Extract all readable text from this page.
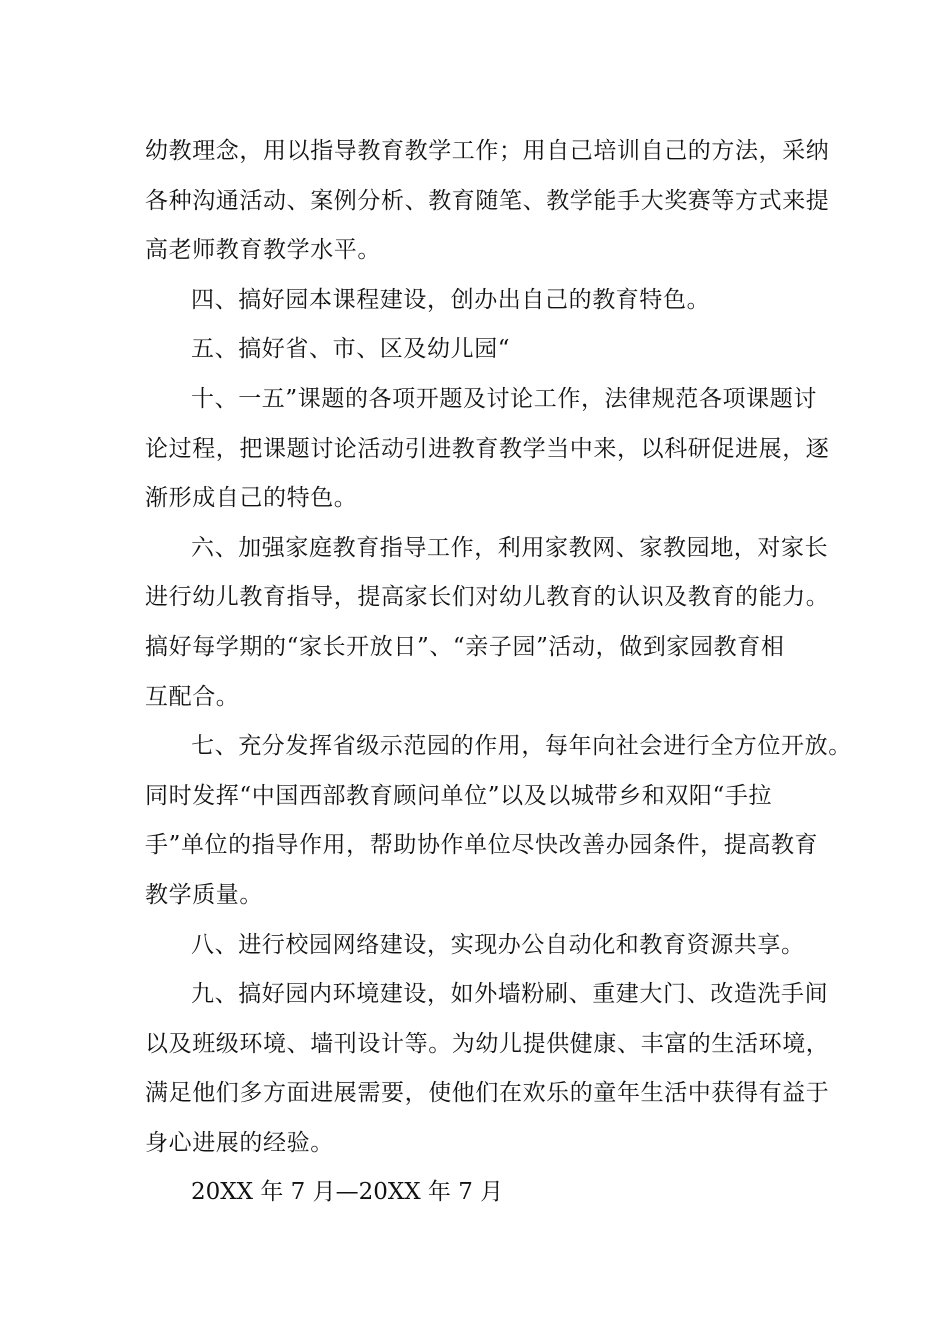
幼教理念，用以指导教育教学工作；用自己培训自己的方法，采纳
各种沟通活动、案例分析、教育随笔、教学能手大奖赛等方式来提
高老师教育教学水平。
四、搞好园本课程建设，创办出自己的教育特色。
五、搞好省、市、区及幼儿园“
十、一五”课题的各项开题及讨论工作，法律规范各项课题讨
论过程，把课题讨论活动引进教育教学当中来，以科研促进展，逐
渐形成自己的特色。
六、加强家庭教育指导工作，利用家教网、家教园地，对家长
进行幼儿教育指导，提高家长们对幼儿教育的认识及教育的能力。
搞好每学期的“家长开放日”、“亲子园”活动，做到家园教育相
互配合。
七、充分发挥省级示范园的作用，每年向社会进行全方位开放。
同时发挥“中国西部教育顾问单位”以及以城带乡和双阳“手拉
手”单位的指导作用，帮助协作单位尽快改善办园条件，提高教育
教学质量。
八、进行校园网络建设，实现办公自动化和教育资源共享。
九、搞好园内环境建设，如外墙粉刷、重建大门、改造洗手间
以及班级环境、墙刊设计等。为幼儿提供健康、丰富的生活环境，
满足他们多方面进展需要，使他们在欢乐的童年生活中获得有益于
身心进展的经验。
20XX 年 7 月—20XX 年 7 月
